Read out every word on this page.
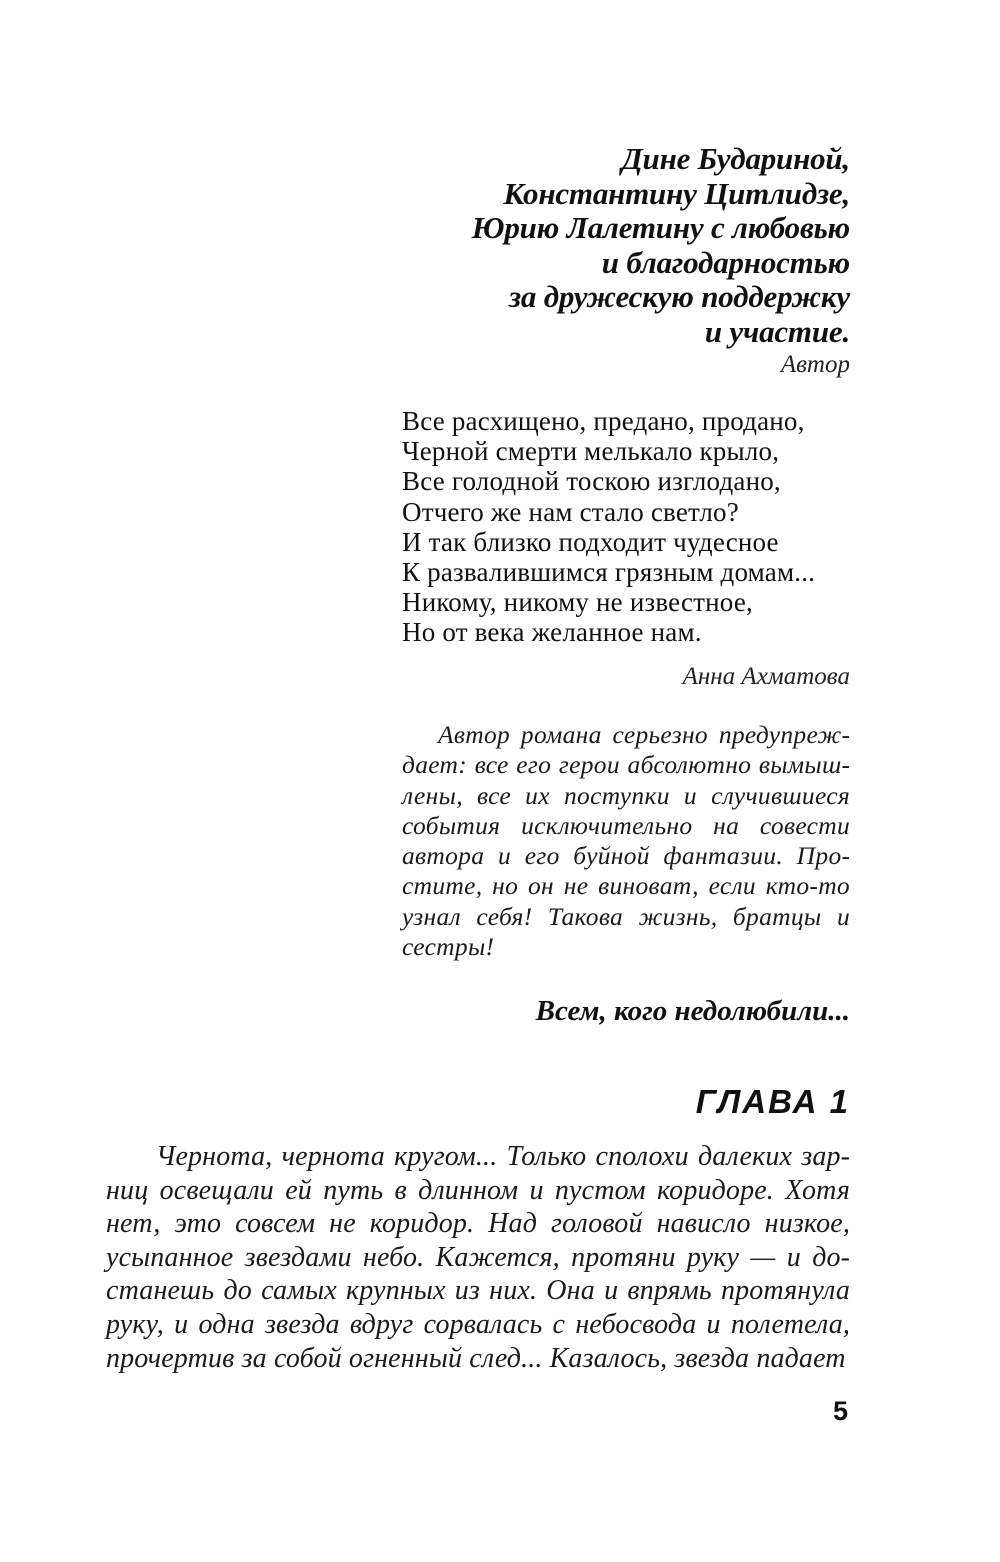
Дине Будариной,
Константину Цитлидзе,
Юрию Лалетину с любовью
и благодарностью
за дружескую поддержку
и участие.
Автор
Все расхищено, предано, продано,
Черной смерти мелькало крыло,
Все голодной тоскою изглодано,
Отчего же нам стало светло?
И так близко подходит чудесное
К развалившимся грязным домам...
Никому, никому не известное,
Но от века желанное нам.
Анна Ахматова
Автор романа серьезно предупреждает: все его герои абсолютно вымышлены, все их поступки и случившиеся события исключительно на совести автора и его буйной фантазии. Простите, но он не виноват, если кто-то узнал себя! Такова жизнь, братцы и сестры!
Всем, кого недолюбили...
ГЛАВА 1
Чернота, чернота кругом... Только сполохи далеких зарниц освещали ей путь в длинном и пустом коридоре. Хотя нет, это совсем не коридор. Над головой нависло низкое, усыпанное звездами небо. Кажется, протяни руку — и достанешь до самых крупных из них. Она и впрямь протянула руку, и одна звезда вдруг сорвалась с небосвода и полетела, прочертив за собой огненный след... Казалось, звезда падает
5
